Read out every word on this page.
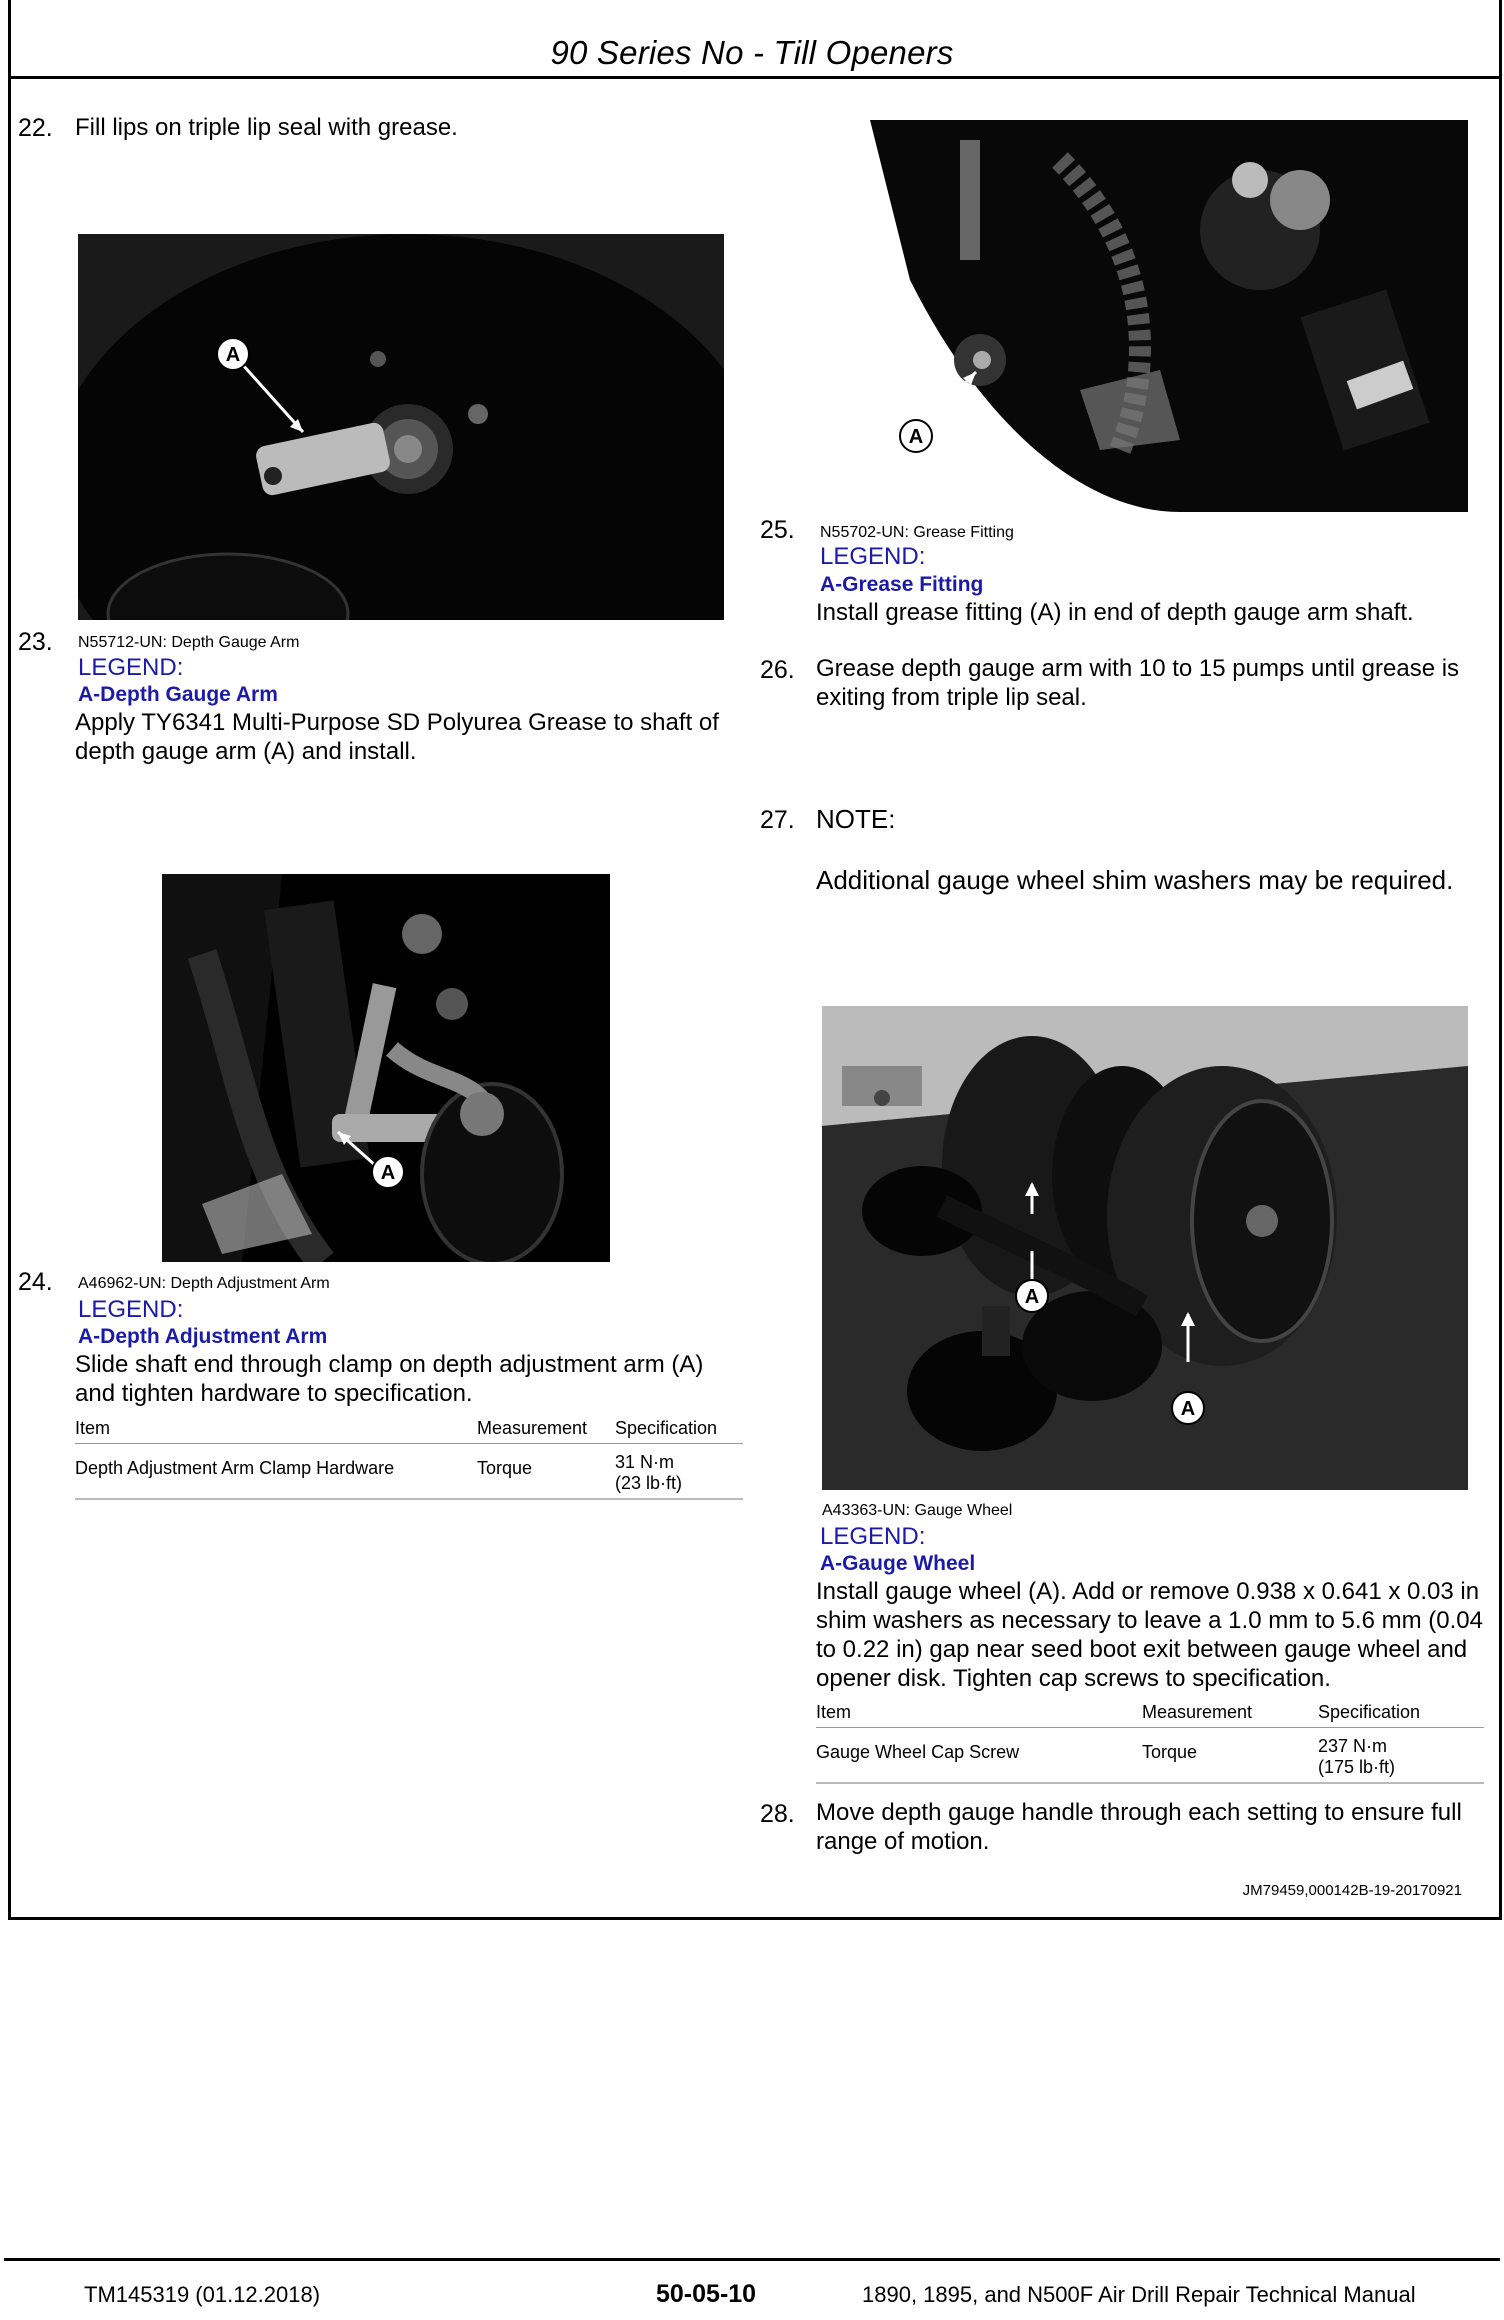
90 Series No - Till Openers
22. Fill lips on triple lip seal with grease.
A
23. N55712-UN: Depth Gauge Arm
LEGEND:
A-Depth Gauge Arm
Apply TY6341 Multi-Purpose SD Polyurea Grease to shaft of depth gauge arm (A) and install.
A
24. A46962-UN: Depth Adjustment Arm
LEGEND:
A-Depth Adjustment Arm
Slide shaft end through clamp on depth adjustment arm (A) and tighten hardware to specification.
Item	Measurement	Specification
Depth Adjustment Arm Clamp Hardware	Torque	31 N·m
(23 lb·ft)
A
25. N55702-UN: Grease Fitting
LEGEND:
A-Grease Fitting
Install grease fitting (A) in end of depth gauge arm shaft.
26. Grease depth gauge arm with 10 to 15 pumps until grease is exiting from triple lip seal.
27. NOTE:
Additional gauge wheel shim washers may be required.
A
A
A43363-UN: Gauge Wheel
LEGEND:
A-Gauge Wheel
Install gauge wheel (A). Add or remove 0.938 x 0.641 x 0.03 in shim washers as necessary to leave a 1.0 mm to 5.6 mm (0.04 to 0.22 in) gap near seed boot exit between gauge wheel and opener disk. Tighten cap screws to specification.
Item	Measurement	Specification
Gauge Wheel Cap Screw	Torque	237 N·m
(175 lb·ft)
28. Move depth gauge handle through each setting to ensure full range of motion.
JM79459,000142B-19-20170921
TM145319 (01.12.2018)	50-05-10	1890, 1895, and N500F Air Drill Repair Technical Manual
